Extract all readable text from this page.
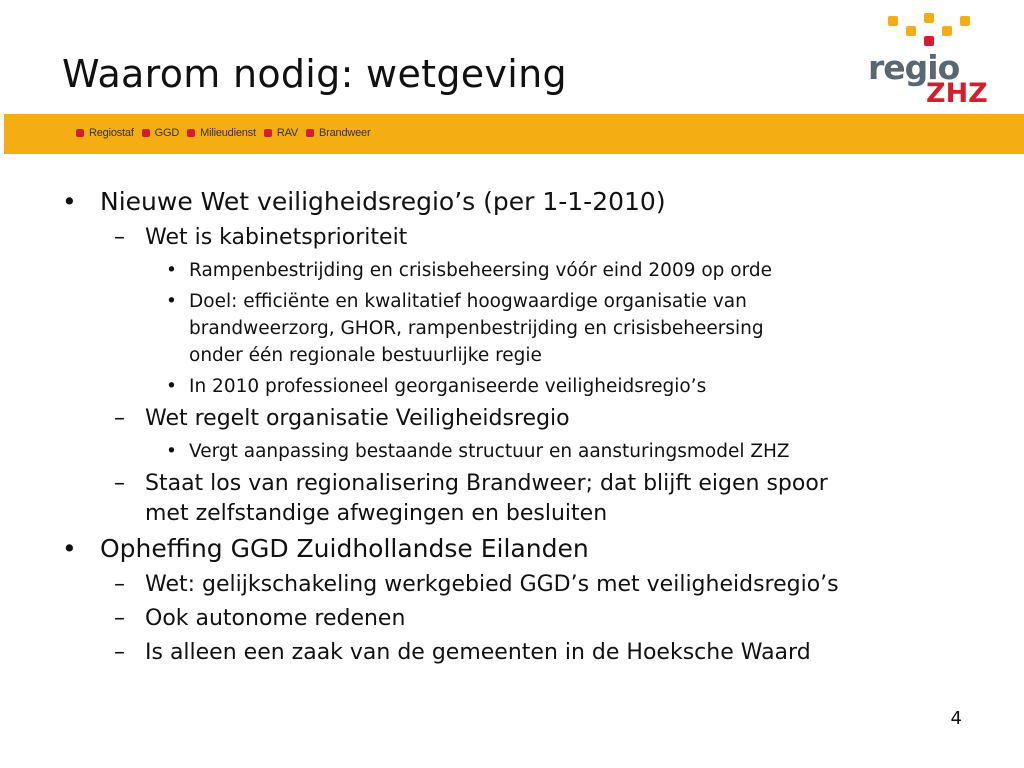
Waarom nodig: wetgeving	regio
ZHZ
Regiostaf GGD Milieudienst RAV Brandweer
• Nieuwe Wet veiligheidsregio’s (per 1-1-2010)
– Wet is kabinetsprioriteit
• Rampenbestrijding en crisisbeheersing vóór eind 2009 op orde
• Doel: efficiënte en kwalitatief hoogwaardige organisatie van
brandweerzorg, GHOR, rampenbestrijding en crisisbeheersing
onder één regionale bestuurlijke regie
• In 2010 professioneel georganiseerde veiligheidsregio’s
– Wet regelt organisatie Veiligheidsregio
• Vergt aanpassing bestaande structuur en aansturingsmodel ZHZ
– Staat los van regionalisering Brandweer; dat blijft eigen spoor
met zelfstandige afwegingen en besluiten
• Opheffing GGD Zuidhollandse Eilanden
– Wet: gelijkschakeling werkgebied GGD’s met veiligheidsregio’s
– Ook autonome redenen
– Is alleen een zaak van de gemeenten in de Hoeksche Waard
4
